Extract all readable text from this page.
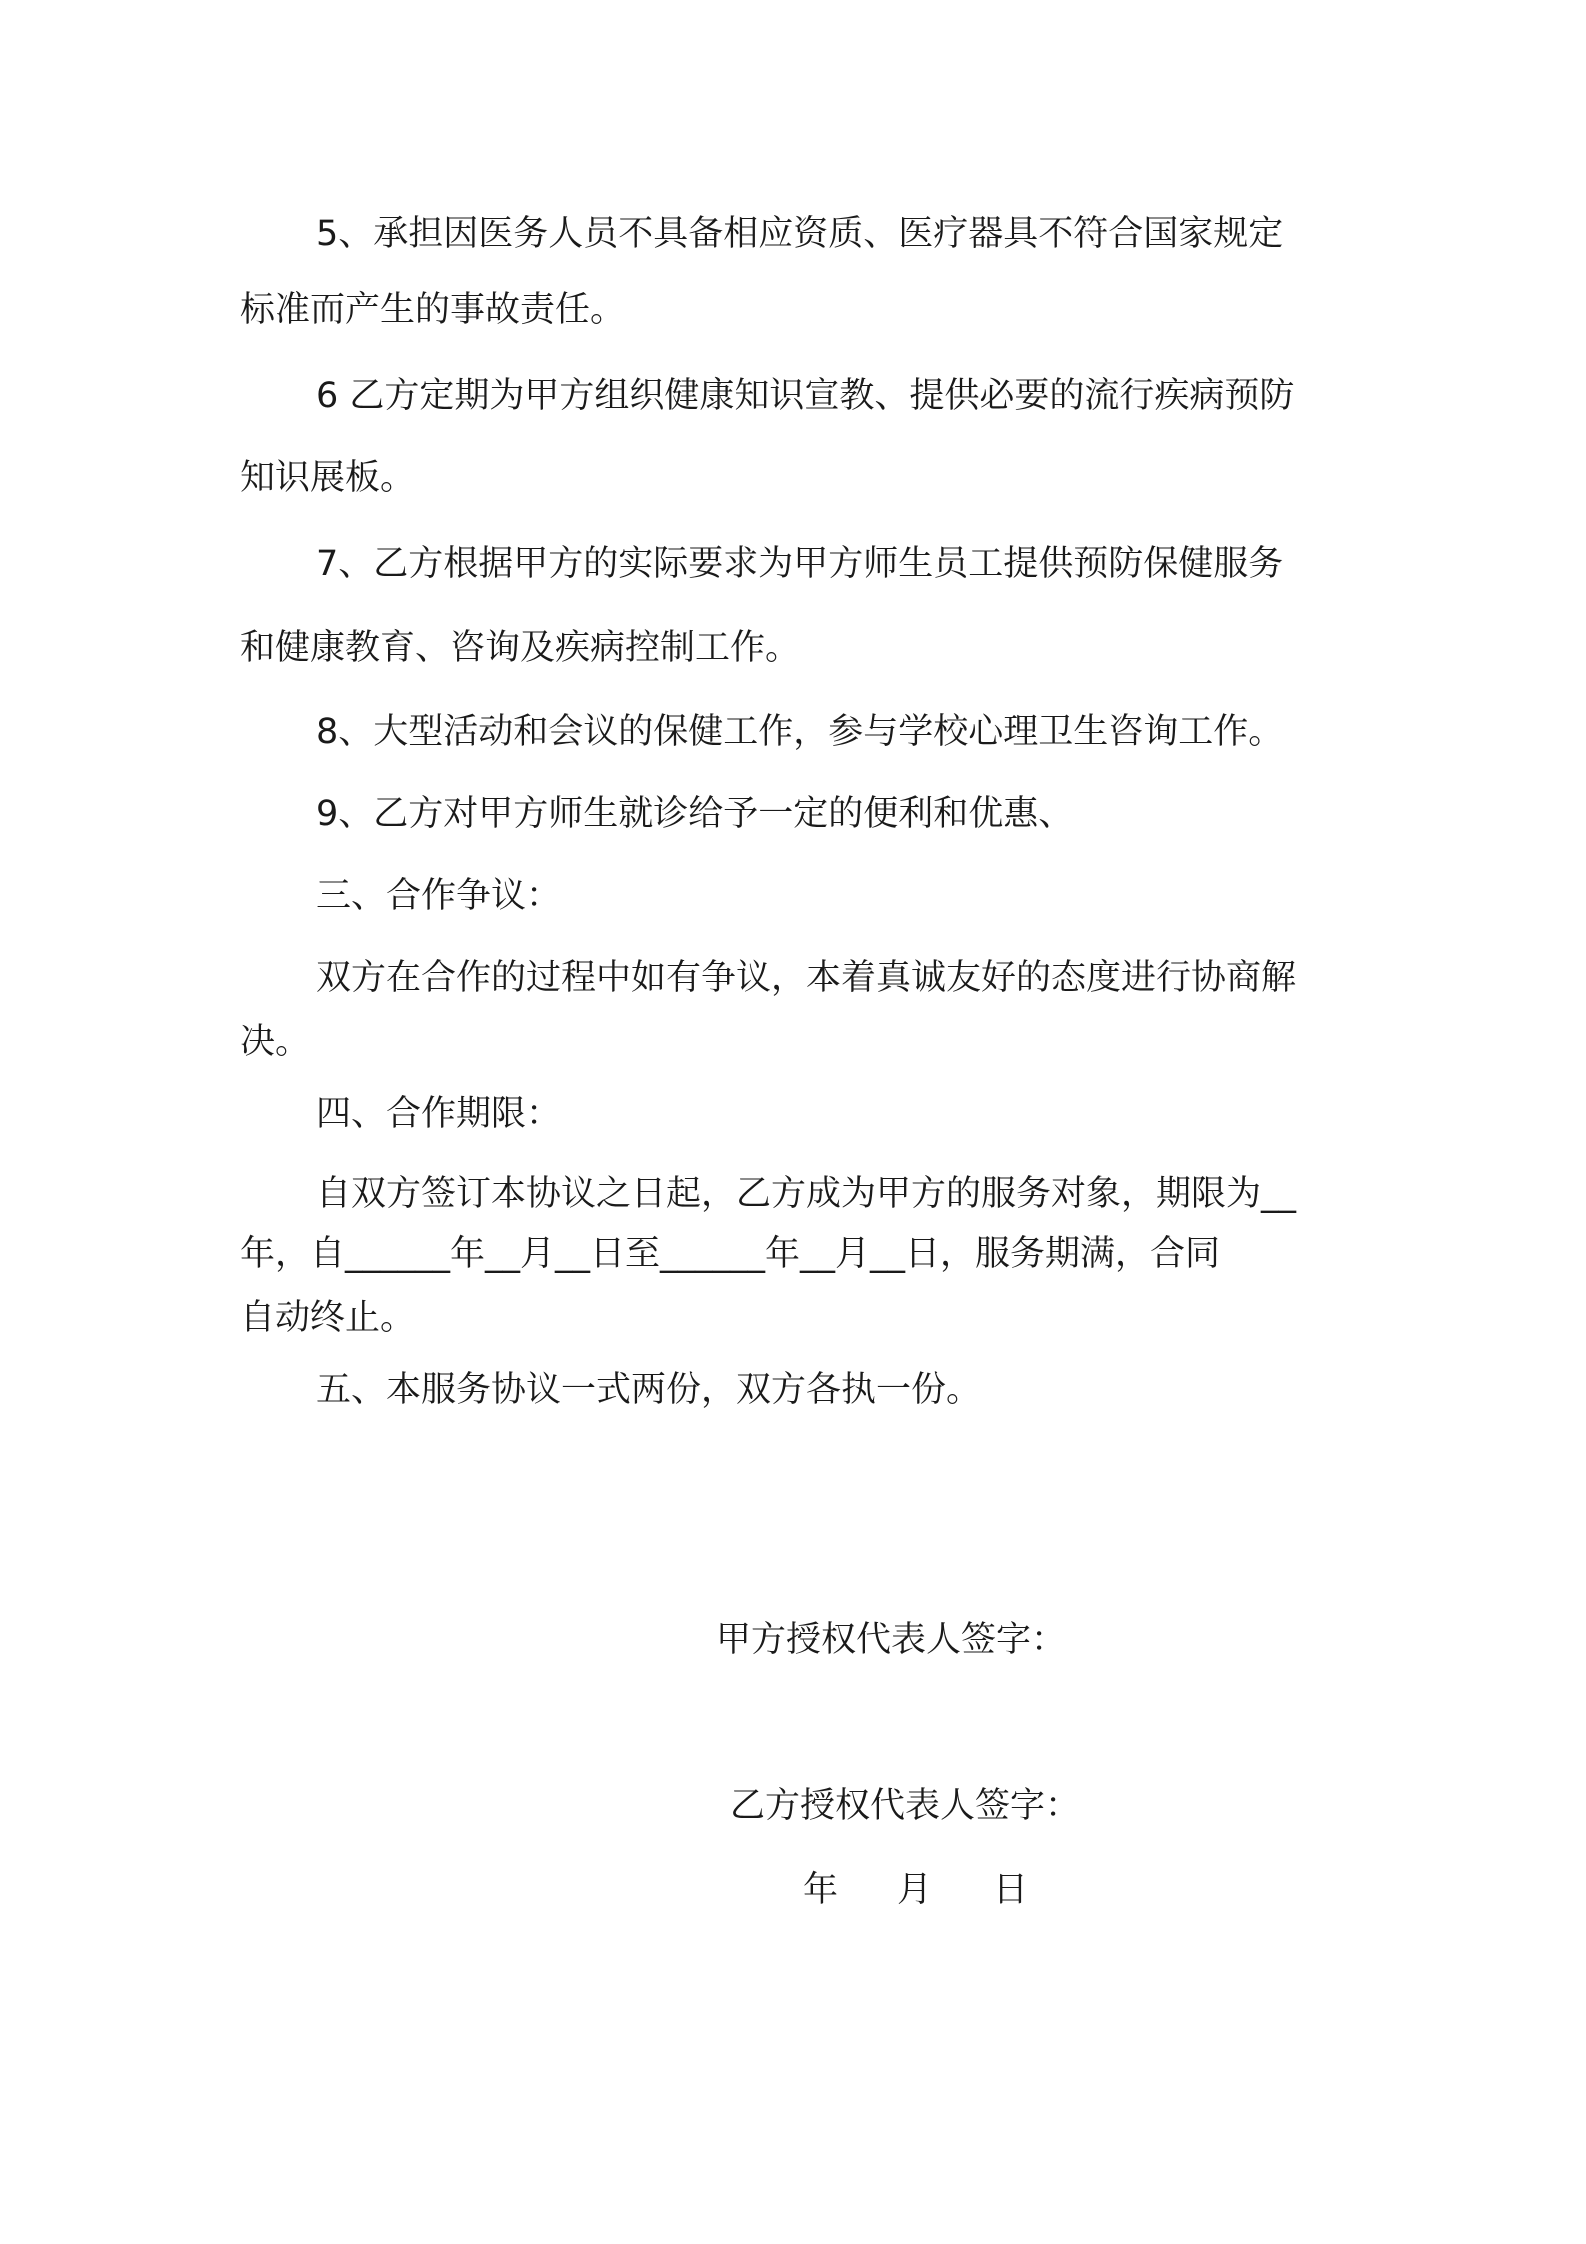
5、承担因医务人员不具备相应资质、医疗器具不符合国家规定

标准而产生的事故责任。

6 乙方定期为甲方组织健康知识宣教、提供必要的流行疾病预防

知识展板。

7、乙方根据甲方的实际要求为甲方师生员工提供预防保健服务

和健康教育、咨询及疾病控制工作。

8、大型活动和会议的保健工作，参与学校心理卫生咨询工作。

9、乙方对甲方师生就诊给予一定的便利和优惠、

三、合作争议：

双方在合作的过程中如有争议，本着真诚友好的态度进行协商解

决。

四、合作期限：

自双方签订本协议之日起，乙方成为甲方的服务对象，期限为__

年，自______年__月__日至______年__月__日，服务期满，合同

自动终止。

五、本服务协议一式两份，双方各执一份。

甲方授权代表人签字：

乙方授权代表人签字：

年 月 日
